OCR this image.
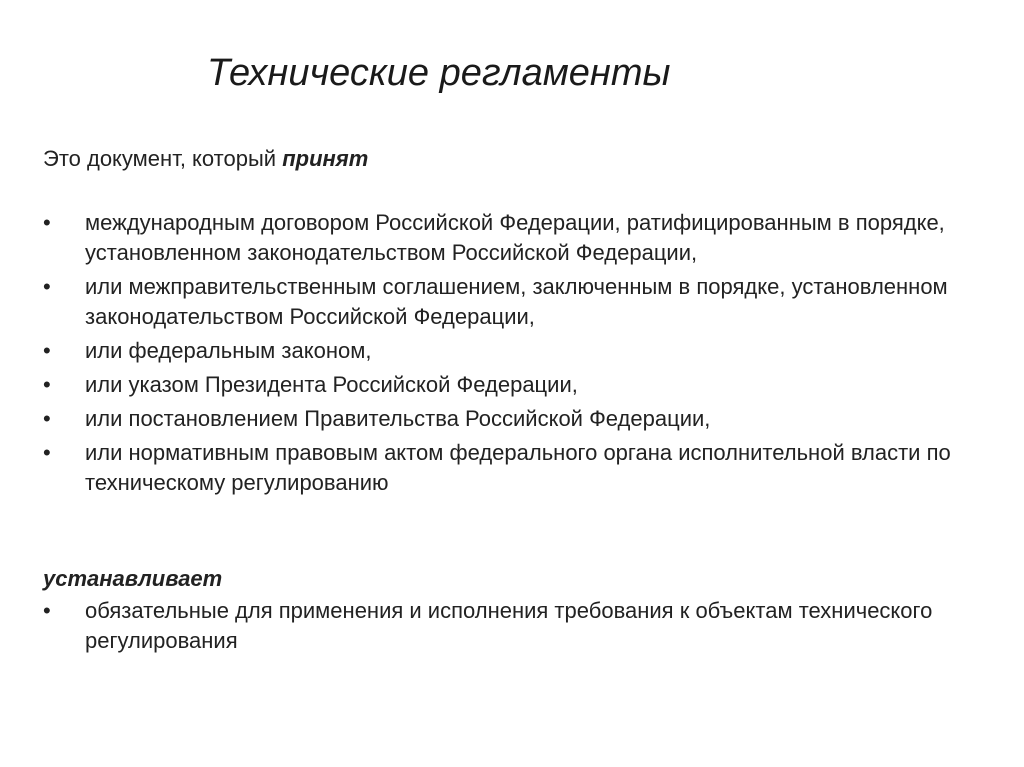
Технические регламенты
Это документ, который принят
• международным договором Российской Федерации, ратифицированным в порядке, установленном законодательством Российской Федерации,
• или межправительственным соглашением, заключенным в порядке, установленном законодательством Российской Федерации,
• или федеральным законом,
• или указом Президента Российской Федерации,
• или постановлением Правительства Российской Федерации,
• или нормативным правовым актом федерального органа исполнительной власти по техническому регулированию
устанавливает
• обязательные для применения и исполнения требования к объектам технического регулирования
